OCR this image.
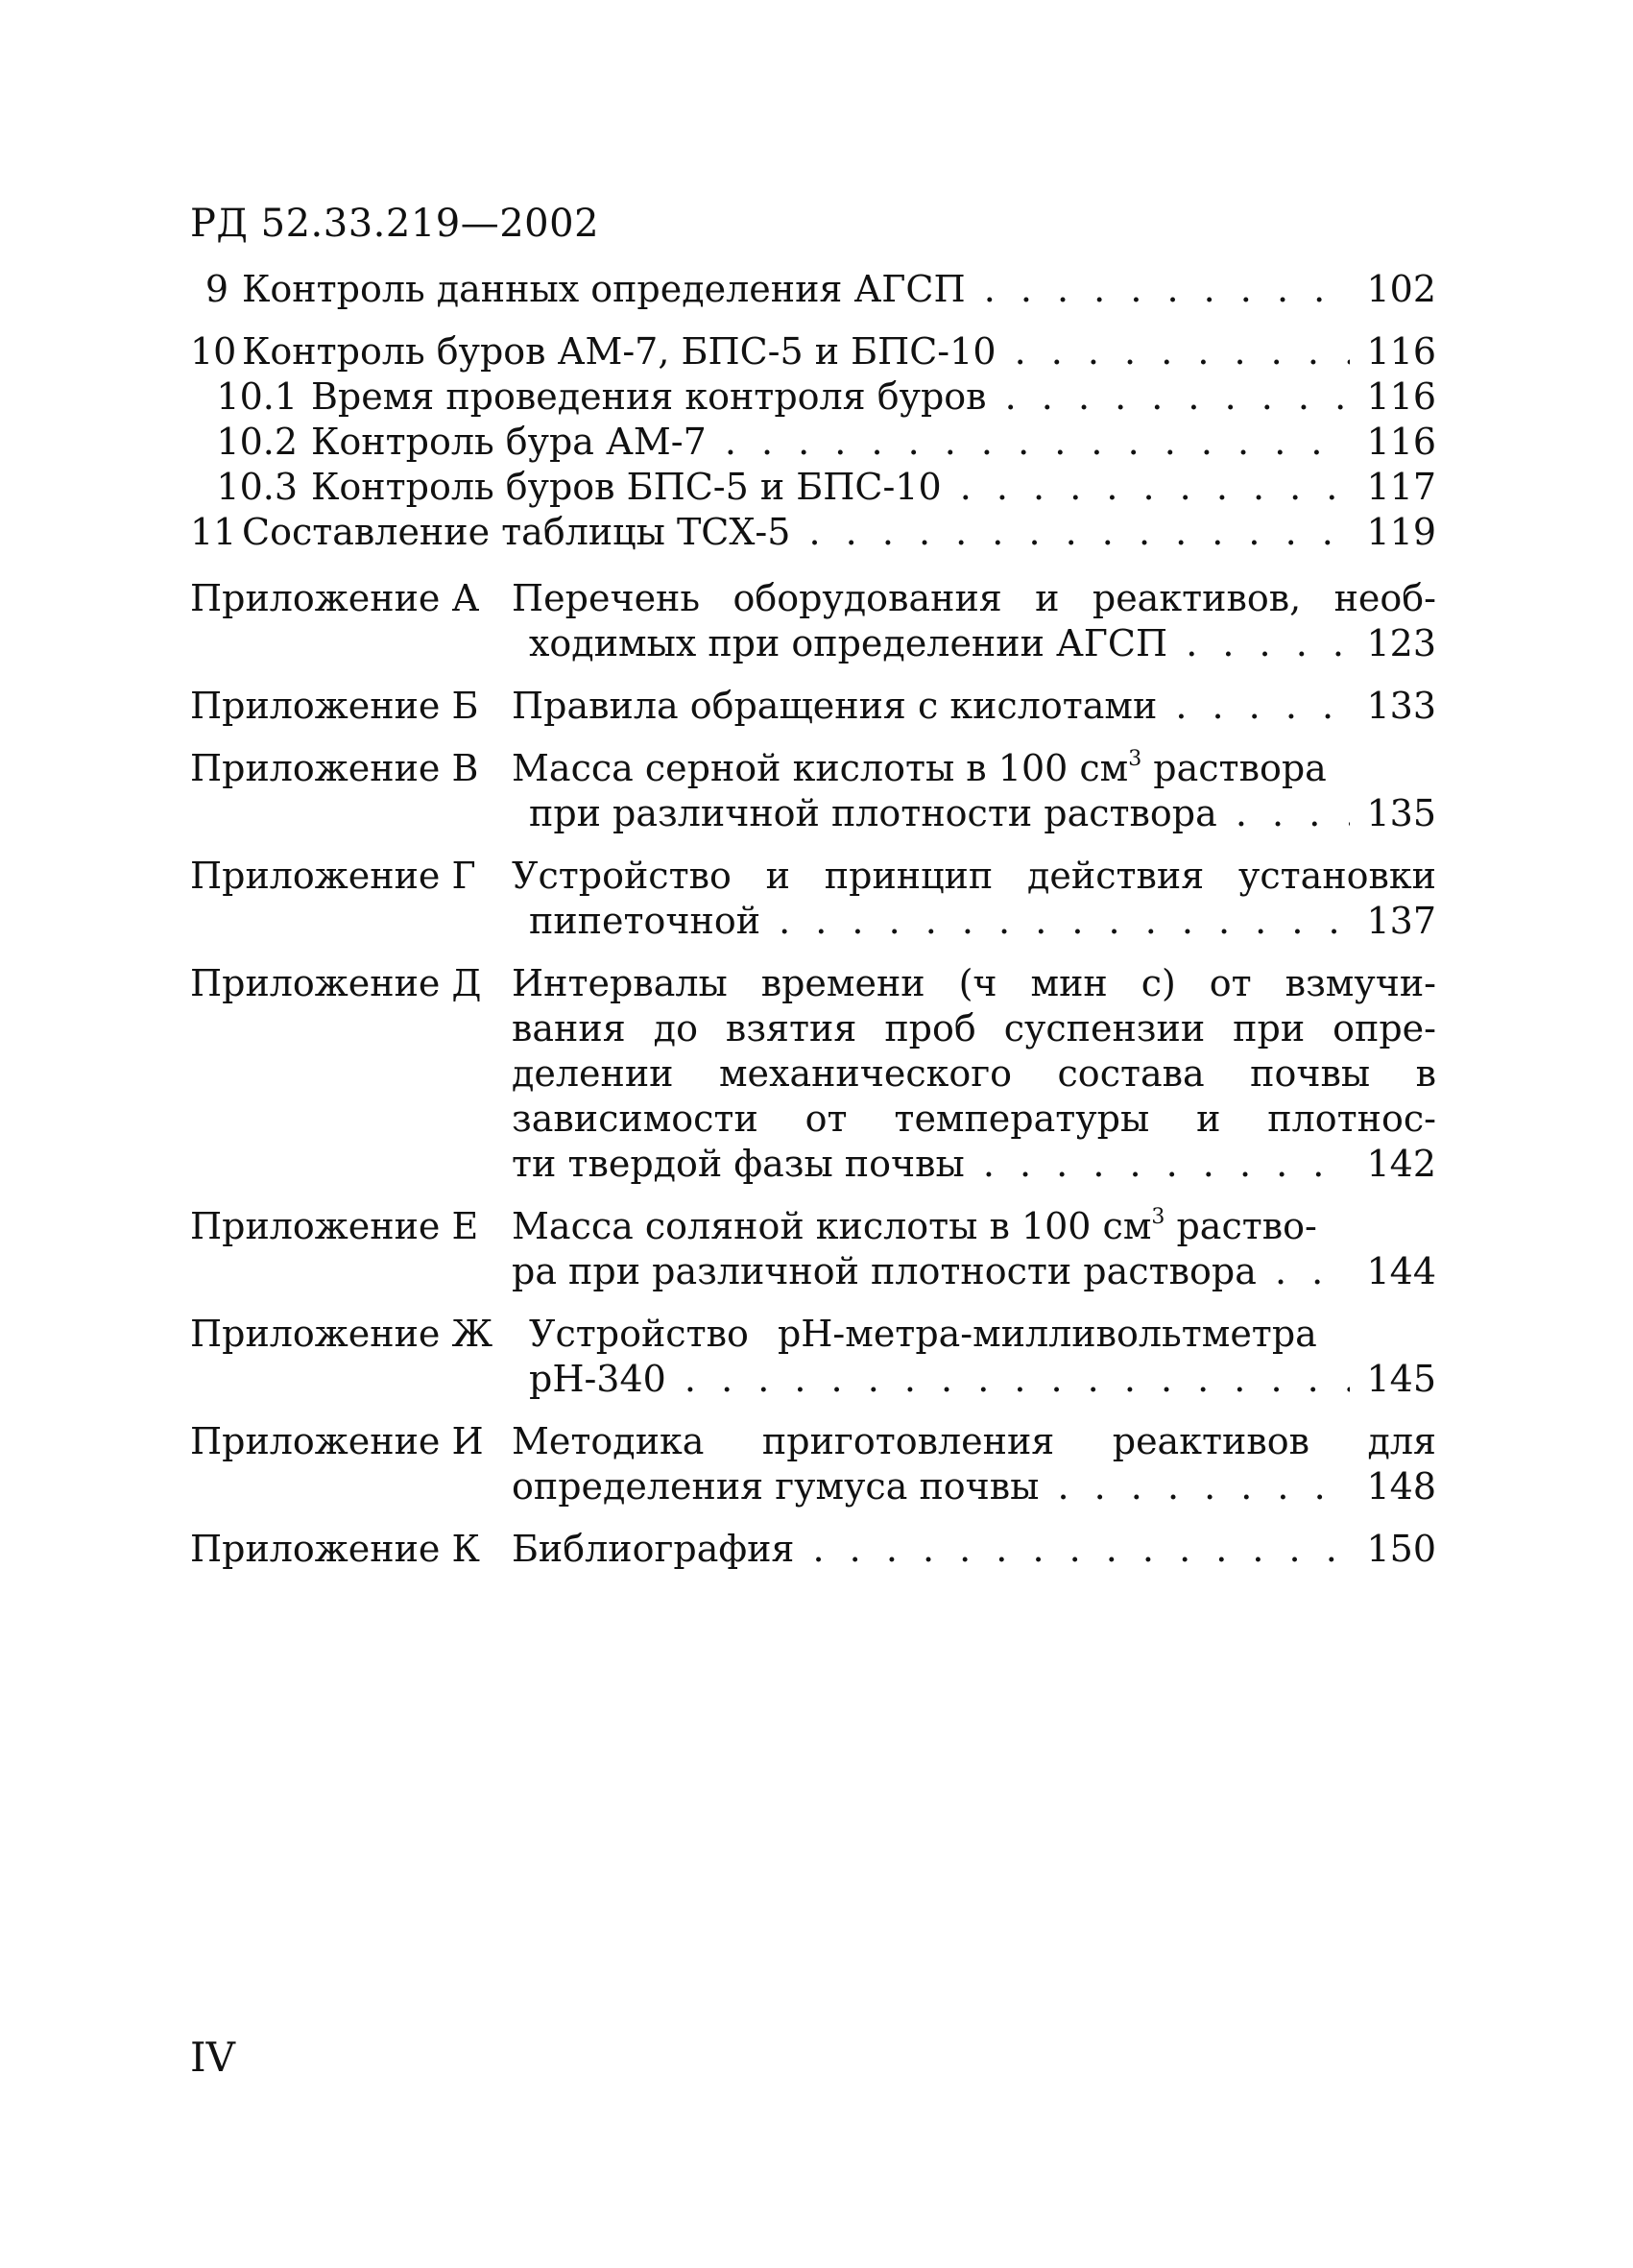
РД 52.33.219—2002
9 Контроль данных определения АГСП . . .	102
10 Контроль буров АМ-7, БПС-5 и БПС-10 . . .	116
10.1 Время проведения контроля буров . . .	116
10.2 Контроль бура АМ-7 . . .	116
10.3 Контроль буров БПС-5 и БПС-10 . . .	117
11 Составление таблицы ТСХ-5 . . .	119
Приложение А Перечень оборудования и реактивов, необ-
ходимых при определении АГСП . . .	123
Приложение Б Правила обращения с кислотами . . .	133
Приложение В Масса серной кислоты в 100 $см^3$ раствора
при различной плотности раствора . . .	135
Приложение Г Устройство и принцип действия установки
пипеточной . . .	137
Приложение Д Интервалы времени (ч мин с) от взмучи-
вания до взятия проб суспензии при опре-
делении механического состава почвы в
зависимости от температуры и плотнос-
ти твердой фазы почвы . . .	142
Приложение Е Масса соляной кислоты в 100 $см^3$ раство-
ра при различной плотности раствора . . .	144
Приложение Ж Устройство рН-метра-милливольтметра
рН-340 . . .	145
Приложение И Методика приготовления реактивов для
определения гумуса почвы . . .	148
Приложение К Библиография . . .	150
IV
